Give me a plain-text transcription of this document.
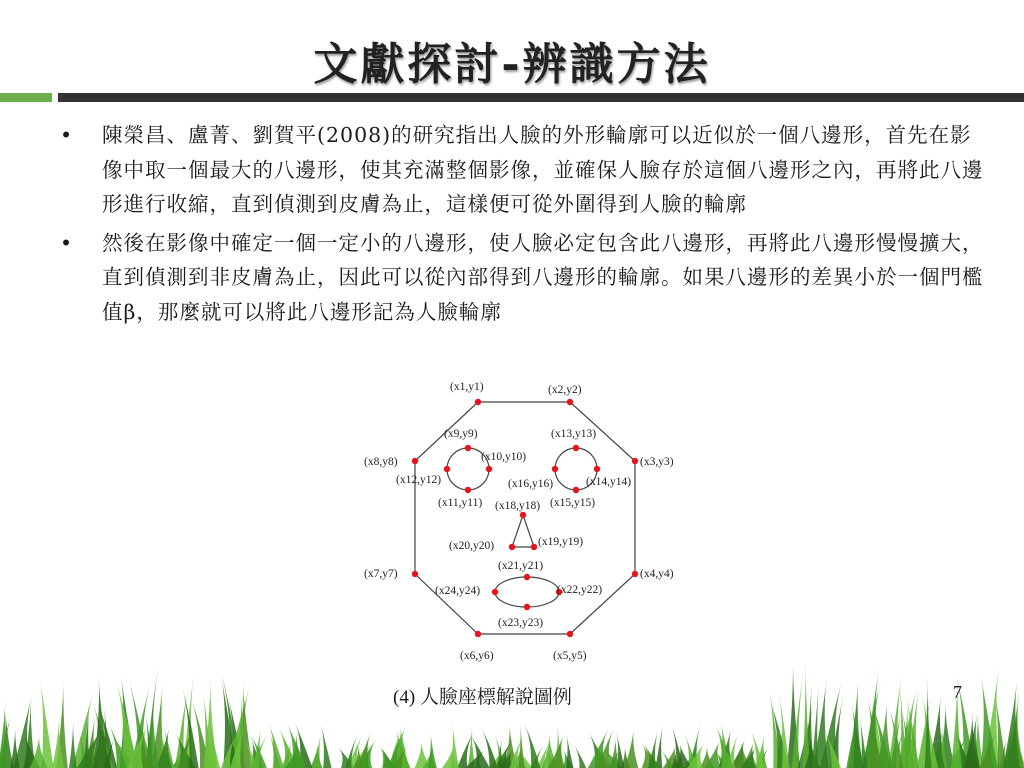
文獻探討-辨識方法
• 陳榮昌、盧菁、劉賀平(2008)的研究指出人臉的外形輪廓可以近似於一個八邊形，首先在影像中取一個最大的八邊形，使其充滿整個影像，並確保人臉存於這個八邊形之內，再將此八邊形進行收縮，直到偵測到皮膚為止，這樣便可從外圍得到人臉的輪廓
• 然後在影像中確定一個一定小的八邊形，使人臉必定包含此八邊形，再將此八邊形慢慢擴大，直到偵測到非皮膚為止，因此可以從內部得到八邊形的輪廓。如果八邊形的差異小於一個門檻值β，那麼就可以將此八邊形記為人臉輪廓
(x1,y1)	(x2,y2)
(x3,y3)
(x4,y4)
(x5,y5)
(x6,y6)
(x7,y7)
(x8,y8)
(x9,y9)
(x10,y10)
(x11,y11)
(x12,y12)
(x13,y13)
(x14,y14)
(x15,y15)
(x16,y16)
(x18,y18)
(x19,y19)
(x20,y20)
(x21,y21)
(x22,y22)
(x23,y23)
(x24,y24)
(4) 人臉座標解說圖例	7
